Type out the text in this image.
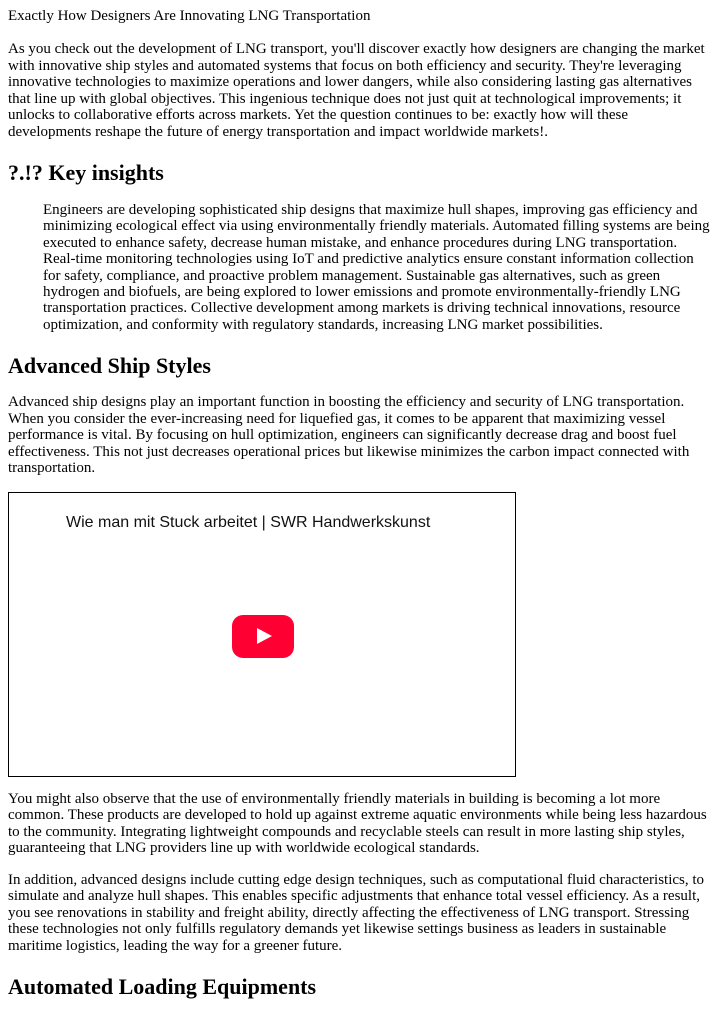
Exactly How Designers Are Innovating LNG Transportation

As you check out the development of LNG transport, you'll discover exactly how designers are changing the market with innovative ship styles and automated systems that focus on both efficiency and security. They're leveraging innovative technologies to maximize operations and lower dangers, while also considering lasting gas alternatives that line up with global objectives. This ingenious technique does not just quit at technological improvements; it unlocks to collaborative efforts across markets. Yet the question continues to be: exactly how will these developments reshape the future of energy transportation and impact worldwide markets!.

?.!? Key insights
Engineers are developing sophisticated ship designs that maximize hull shapes, improving gas efficiency and minimizing ecological effect via using environmentally friendly materials. Automated filling systems are being executed to enhance safety, decrease human mistake, and enhance procedures during LNG transportation. Real-time monitoring technologies using IoT and predictive analytics ensure constant information collection for safety, compliance, and proactive problem management. Sustainable gas alternatives, such as green hydrogen and biofuels, are being explored to lower emissions and promote environmentally-friendly LNG transportation practices. Collective development among markets is driving technical innovations, resource optimization, and conformity with regulatory standards, increasing LNG market possibilities.
Advanced Ship Styles

Advanced ship designs play an important function in boosting the efficiency and security of LNG transportation. When you consider the ever-increasing need for liquefied gas, it comes to be apparent that maximizing vessel performance is vital. By focusing on hull optimization, engineers can significantly decrease drag and boost fuel effectiveness. This not just decreases operational prices but likewise minimizes the carbon impact connected with transportation.

Wie man mit Stuck arbeitet | SWR Handwerkskunst

You might also observe that the use of environmentally friendly materials in building is becoming a lot more common. These products are developed to hold up against extreme aquatic environments while being less hazardous to the community. Integrating lightweight compounds and recyclable steels can result in more lasting ship styles, guaranteeing that LNG providers line up with worldwide ecological standards.

In addition, advanced designs include cutting edge design techniques, such as computational fluid characteristics, to simulate and analyze hull shapes. This enables specific adjustments that enhance total vessel efficiency. As a result, you see renovations in stability and freight ability, directly affecting the effectiveness of LNG transport. Stressing these technologies not only fulfills regulatory demands yet likewise settings business as leaders in sustainable maritime logistics, leading the way for a greener future.

Automated Loading Equipments
